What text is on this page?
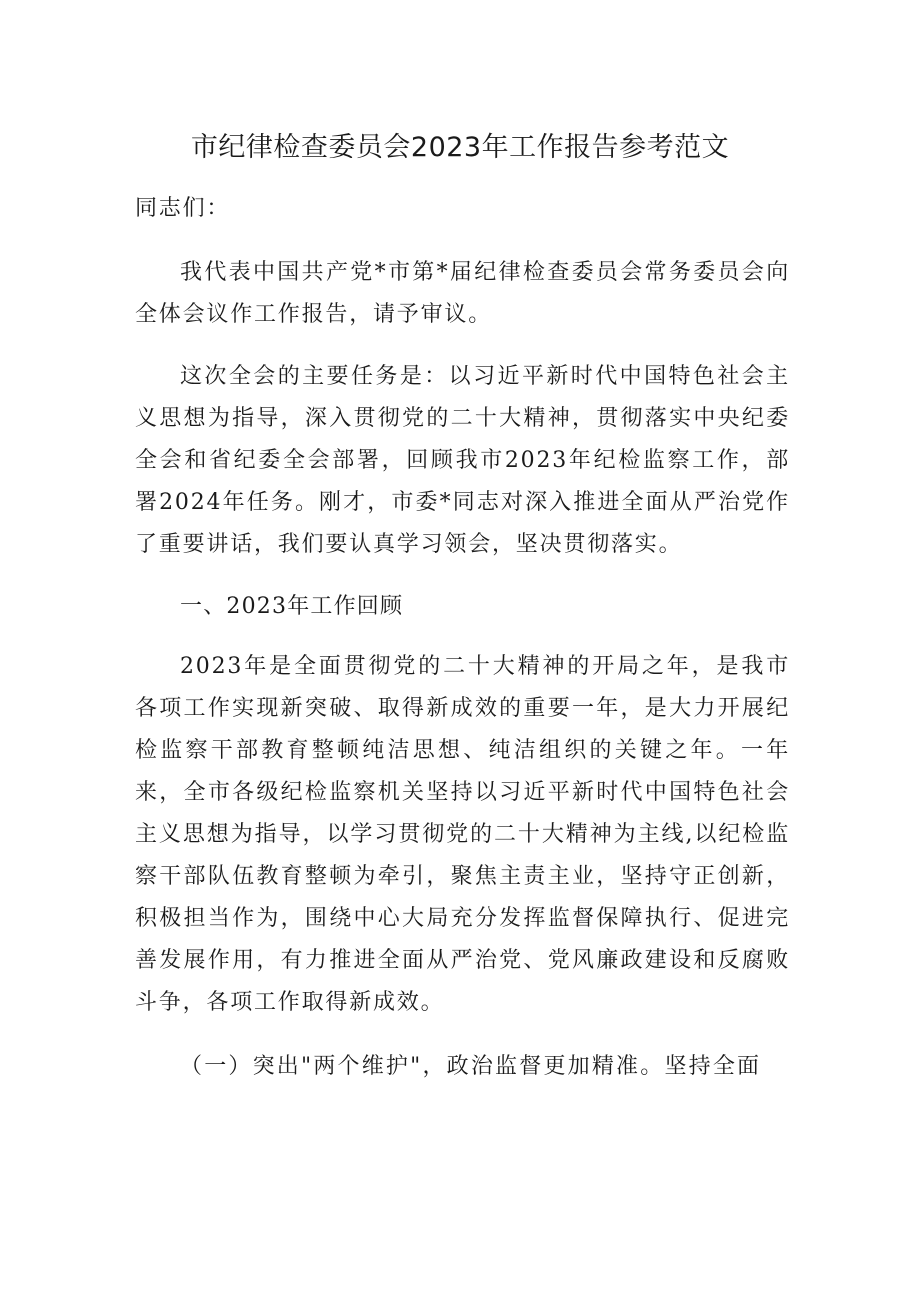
市纪律检查委员会2023年工作报告参考范文

同志们：

我代表中国共产党*市第*届纪律检查委员会常务委员会向全体会议作工作报告，请予审议。

这次全会的主要任务是：以习近平新时代中国特色社会主义思想为指导，深入贯彻党的二十大精神，贯彻落实中央纪委全会和省纪委全会部署，回顾我市2023年纪检监察工作，部署2024年任务。刚才，市委*同志对深入推进全面从严治党作了重要讲话，我们要认真学习领会，坚决贯彻落实。

一、2023年工作回顾

2023年是全面贯彻党的二十大精神的开局之年，是我市各项工作实现新突破、取得新成效的重要一年，是大力开展纪检监察干部教育整顿纯洁思想、纯洁组织的关键之年。一年来，全市各级纪检监察机关坚持以习近平新时代中国特色社会主义思想为指导，以学习贯彻党的二十大精神为主线,以纪检监察干部队伍教育整顿为牵引，聚焦主责主业，坚持守正创新，积极担当作为，围绕中心大局充分发挥监督保障执行、促进完善发展作用，有力推进全面从严治党、党风廉政建设和反腐败斗争，各项工作取得新成效。

（一）突出"两个维护"，政治监督更加精准。坚持全面
